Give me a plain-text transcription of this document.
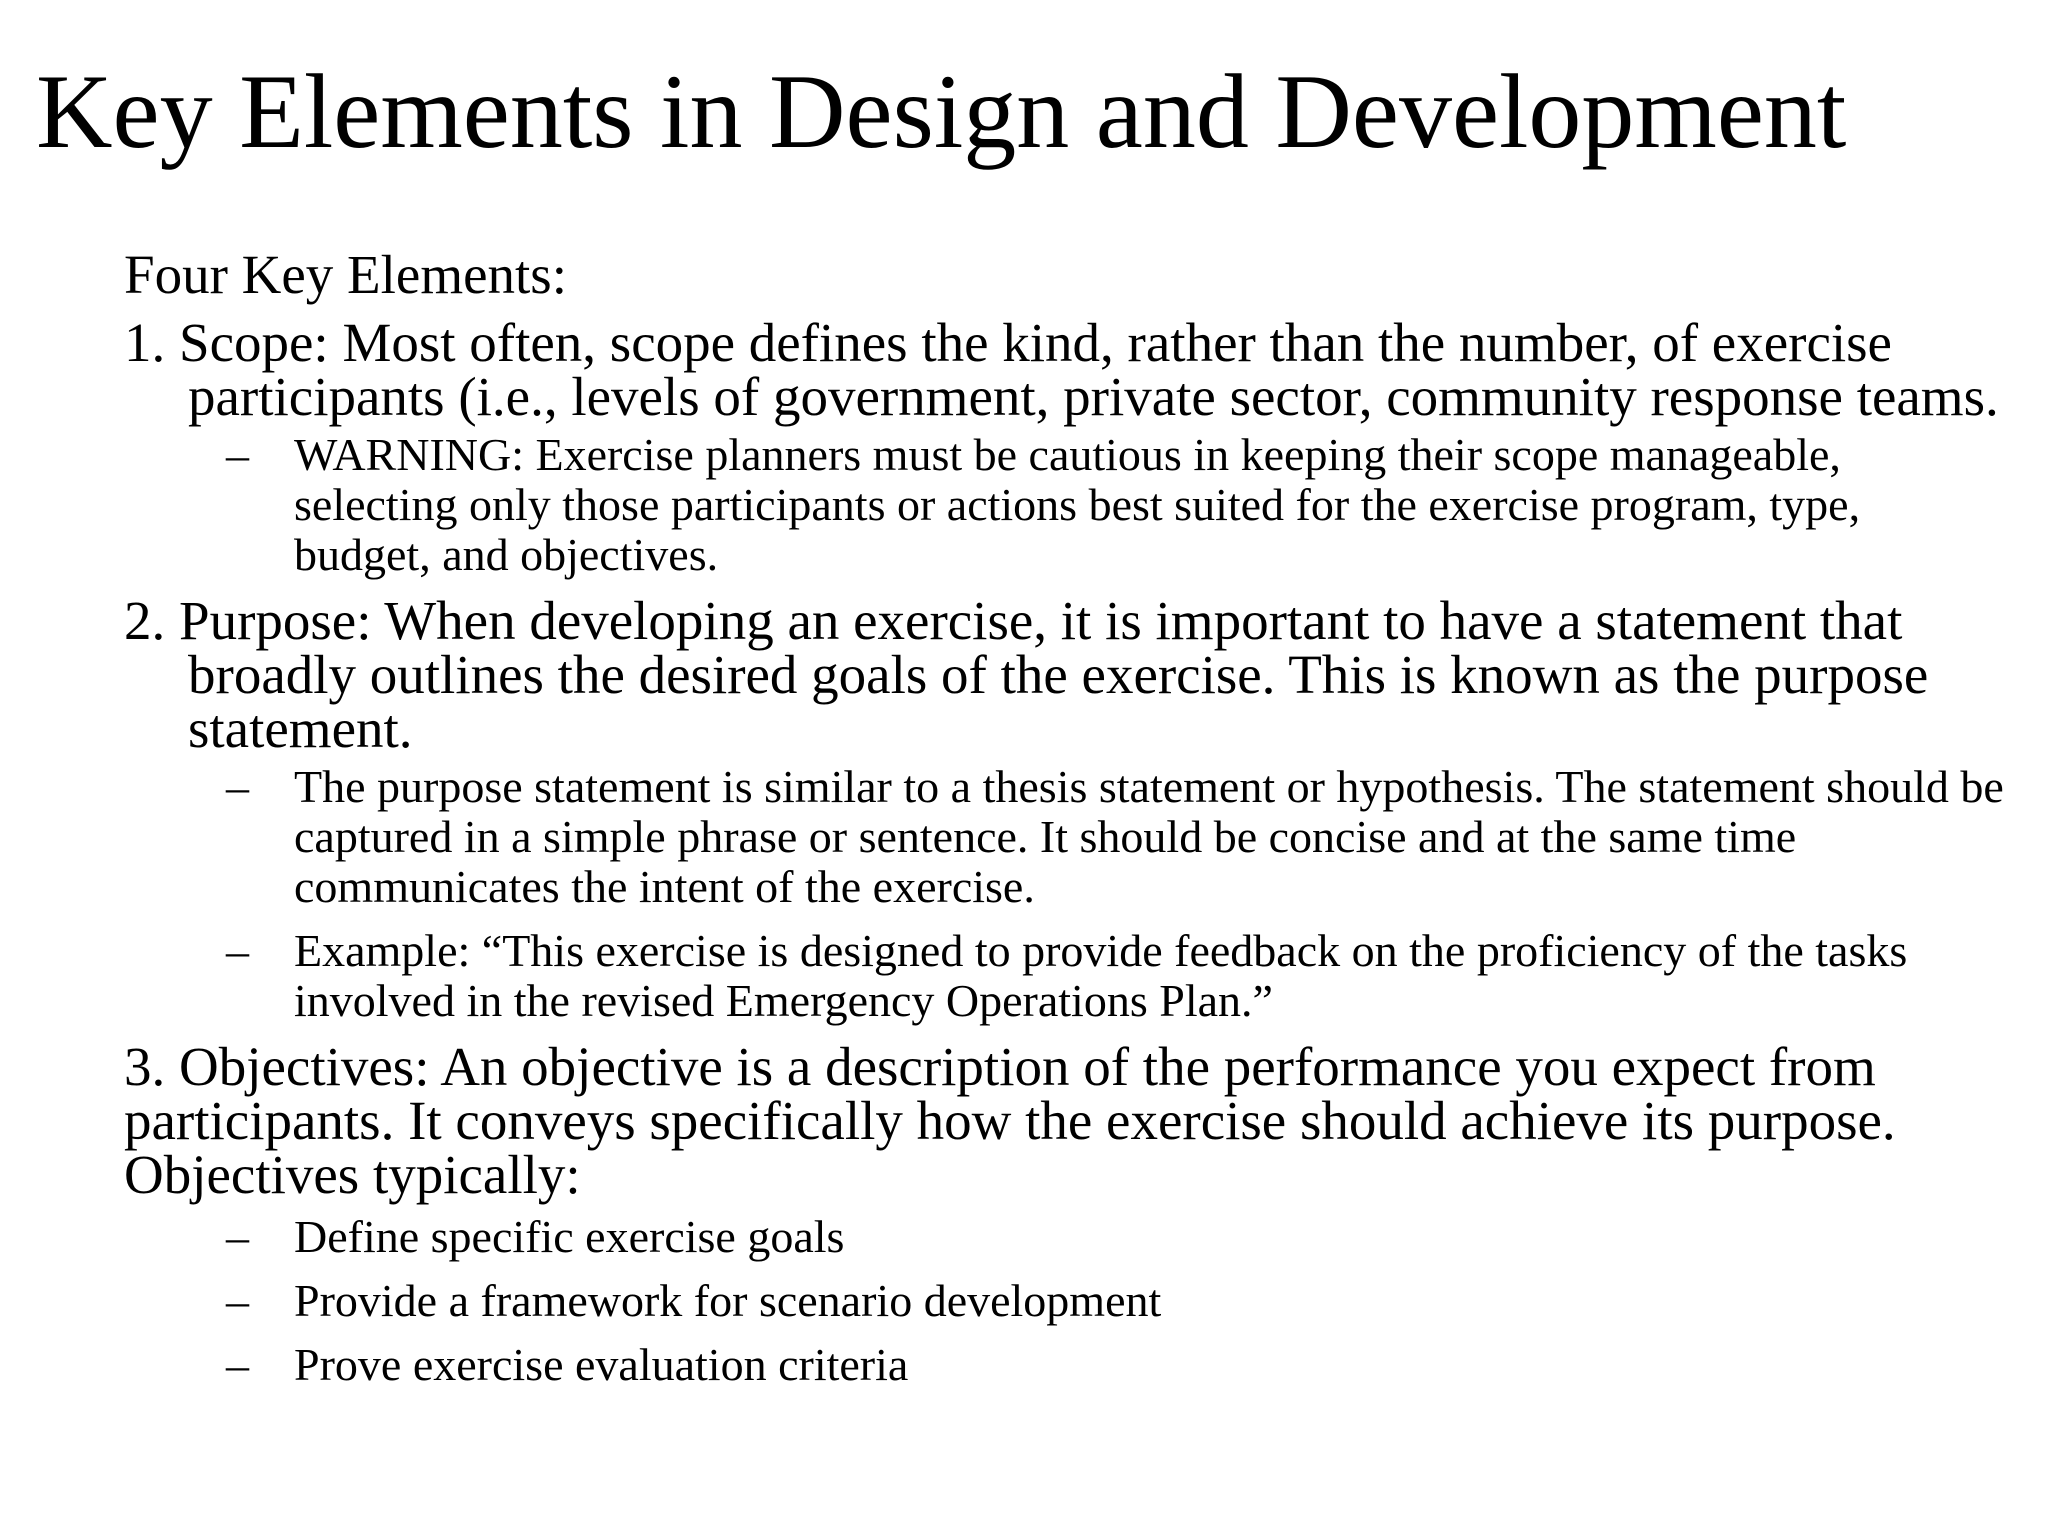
Key Elements in Design and Development

Four Key Elements:

1. Scope: Most often, scope defines the kind, rather than the number, of exercise participants (i.e., levels of government, private sector, community response teams.

– WARNING: Exercise planners must be cautious in keeping their scope manageable, selecting only those participants or actions best suited for the exercise program, type, budget, and objectives.

2. Purpose: When developing an exercise, it is important to have a statement that broadly outlines the desired goals of the exercise. This is known as the purpose statement.

– The purpose statement is similar to a thesis statement or hypothesis. The statement should be captured in a simple phrase or sentence. It should be concise and at the same time communicates the intent of the exercise.
– Example: “This exercise is designed to provide feedback on the proficiency of the tasks involved in the revised Emergency Operations Plan.”

3. Objectives: An objective is a description of the performance you expect from participants. It conveys specifically how the exercise should achieve its purpose. Objectives typically:

– Define specific exercise goals
– Provide a framework for scenario development
– Prove exercise evaluation criteria
